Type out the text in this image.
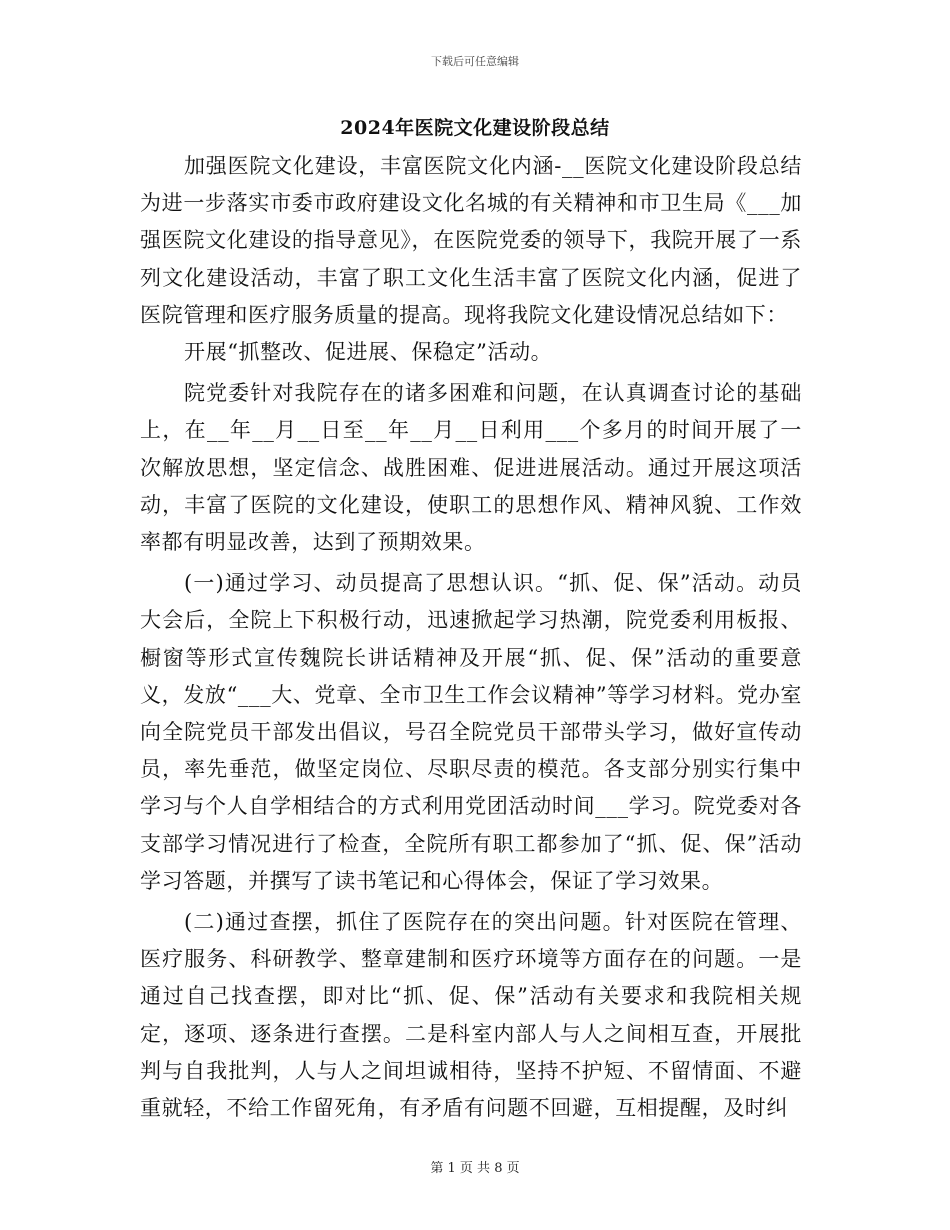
下载后可任意编辑
2024年医院文化建设阶段总结

加强医院文化建设，丰富医院文化内涵-__医院文化建设阶段总结为进一步落实市委市政府建设文化名城的有关精神和市卫生局《___加强医院文化建设的指导意见》，在医院党委的领导下，我院开展了一系列文化建设活动，丰富了职工文化生活丰富了医院文化内涵，促进了医院管理和医疗服务质量的提高。现将我院文化建设情况总结如下：

开展“抓整改、促进展、保稳定”活动。

院党委针对我院存在的诸多困难和问题，在认真调查讨论的基础上，在__年__月__日至__年__月__日利用___个多月的时间开展了一次解放思想，坚定信念、战胜困难、促进进展活动。通过开展这项活动，丰富了医院的文化建设，使职工的思想作风、精神风貌、工作效率都有明显改善，达到了预期效果。

(一)通过学习、动员提高了思想认识。“抓、促、保”活动。动员大会后，全院上下积极行动，迅速掀起学习热潮，院党委利用板报、橱窗等形式宣传魏院长讲话精神及开展“抓、促、保”活动的重要意义，发放“___大、党章、全市卫生工作会议精神”等学习材料。党办室向全院党员干部发出倡议，号召全院党员干部带头学习，做好宣传动员，率先垂范，做坚定岗位、尽职尽责的模范。各支部分别实行集中学习与个人自学相结合的方式利用党团活动时间___学习。院党委对各支部学习情况进行了检查，全院所有职工都参加了“抓、促、保”活动学习答题，并撰写了读书笔记和心得体会，保证了学习效果。

(二)通过查摆，抓住了医院存在的突出问题。针对医院在管理、医疗服务、科研教学、整章建制和医疗环境等方面存在的问题。一是通过自己找查摆，即对比“抓、促、保”活动有关要求和我院相关规定，逐项、逐条进行查摆。二是科室内部人与人之间相互查，开展批判与自我批判，人与人之间坦诚相待，坚持不护短、不留情面、不避重就轻，不给工作留死角，有矛盾有问题不回避，互相提醒，及时纠

第 1 页 共 8 页
